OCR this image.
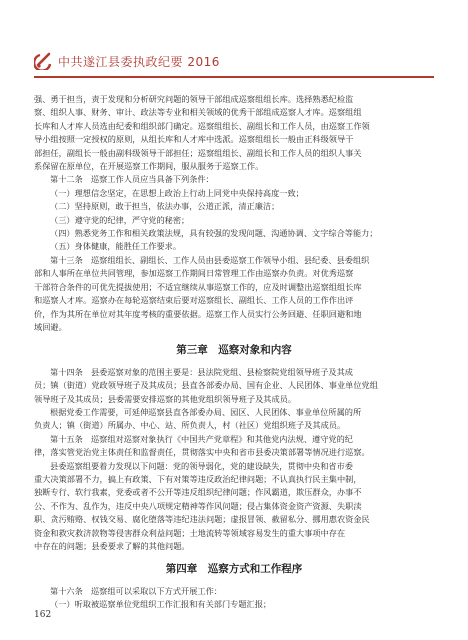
中共遂江县委执政纪要 2016

强、勇于担当，责于发现和分析研究问题的领导干部组成巡察组组长库。选择熟悉纪检监

察、组织人事、财务、审计、政法等专业和相关领域的优秀干部组成巡察人才库。巡察组组

长库和人才库人员选由纪委和组织部门确定。巡察组组长、副组长和工作人员，由巡察工作领

导小组按照一定授权的原则，从组长库和人才库中选派。巡察组组长一般由正科级领导干

部担任，副组长一般由副科级领导干部担任；巡察组组长、副组长和工作人员的组织人事关

系保留在原单位，在开展巡察工作期间，服从服务于巡察工作。

第十二条　巡察工作人员应当具备下列条件：

（一）理想信念坚定，在思想上政治上行动上同党中央保持高度一致；

（二）坚持原则，敢于担当，依法办事，公道正派，清正廉洁；

（三）遵守党的纪律，严守党的秘密；

（四）熟悉党务工作和相关政策法规，具有较强的发现问题、沟通协调、文字综合等能力；

（五）身体健康，能胜任工作要求。

第十三条　巡察组组长、副组长、工作人员由县委巡察工作领导小组、县纪委、县委组织

部和人事所在单位共同管理，参加巡察工作期间日常管理工作由巡察办负责。对优秀巡察

干部符合条件的可优先提拔使用；不适宜继续从事巡察工作的，应及时调整出巡察组组长库

和巡察人才库。巡察办在每轮巡察结束后要对巡察组长、副组长、工作人员的工作作出评

价，作为其所在单位对其年度考核的重要依据。巡察工作人员实行公务回避、任职回避和地

域回避。

第三章　巡察对象和内容

第十四条　县委巡察对象的范围主要是：县法院党组、县检察院党组领导班子及其成

员；镇（街道）党政领导班子及其成员；县直各部委办局、国有企业、人民团体、事业单位党组

领导班子及其成员；县委需要安排巡察的其他党组织领导班子及其成员。

根据党委工作需要，可延伸巡察县直各部委办局、园区、人民团体、事业单位所属的所

负责人；镇（街道）所属办、中心、站、所负责人，村（社区）党组织班子及其成员。

第十五条　巡察组对巡察对象执行《中国共产党章程》和其他党内法规、遵守党的纪

律，落实管党治党主体责任和监督责任，贯彻落实中央和省市县委决策部署等情况进行巡察。

县委巡察组要着力发现以下问题：党的领导弱化，党的建设缺失，贯彻中央和省市委

重大决策部署不力，搞上有政策、下有对策等违反政治纪律问题；不认真执行民主集中制，

独断专行、软行我素，党委或者不公开等违反组织纪律问题；作风霸道，欺压群众，办事不

公、不作为、乱作为，违反中央八项规定精神等作风问题；侵占集体资金资产资源、失职渎

职、贪污贿赂、权钱交易、腐化堕落等违纪违法问题；虚报冒领、截留私分、挪用惠农资金民

资金和救灾救济款物等侵害群众利益问题；土地流转等领域容易发生的重大事项中存在

中存在的问题；县委要求了解的其他问题。

第四章　巡察方式和工作程序

第十六条　巡察组可以采取以下方式开展工作：

（一）听取被巡察单位党组织工作汇报和有关部门专题汇报；

162
